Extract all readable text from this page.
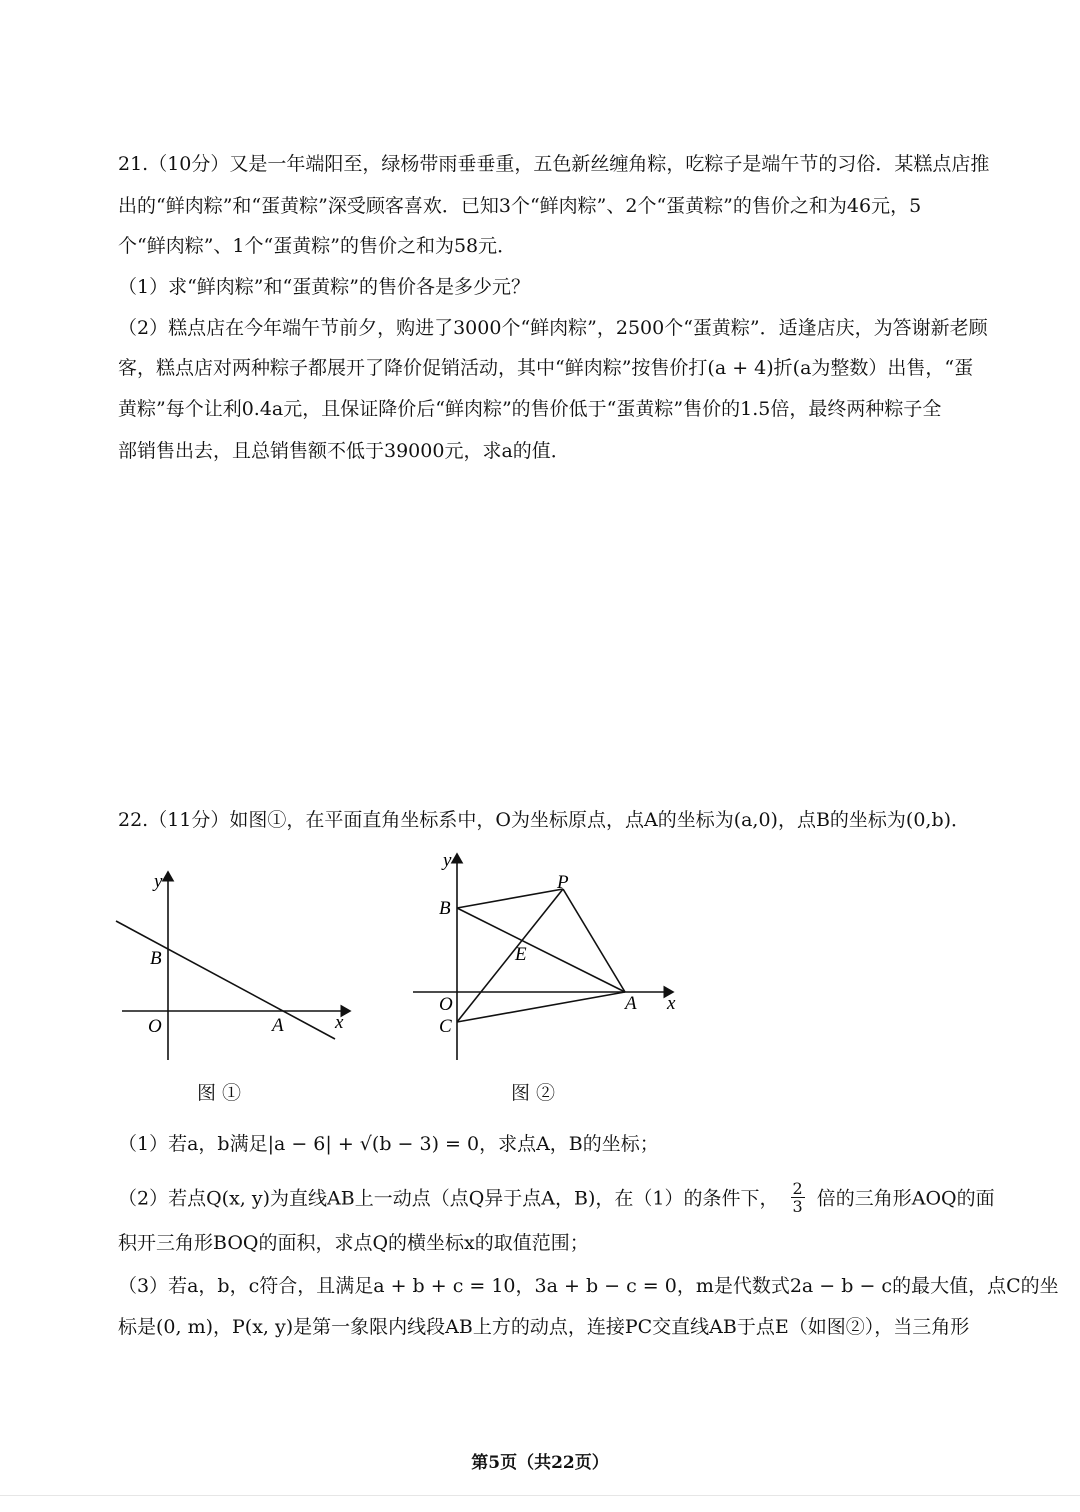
21.（10分）又是一年端阳至，绿杨带雨垂垂重，五色新丝缠角粽，吃粽子是端午节的习俗．某糕点店推
出的“鲜肉粽”和“蛋黄粽”深受顾客喜欢．已知3个“鲜肉粽”、2个“蛋黄粽”的售价之和为46元，5
个“鲜肉粽”、1个“蛋黄粽”的售价之和为58元．
（1）求“鲜肉粽”和“蛋黄粽”的售价各是多少元？
（2）糕点店在今年端午节前夕，购进了3000个“鲜肉粽”，2500个“蛋黄粽”．适逢店庆，为答谢新老顾
客，糕点店对两种粽子都展开了降价促销活动，其中“鲜肉粽”按售价打(a + 4)折(a为整数）出售，“蛋
黄粽”每个让利0.4a元，且保证降价后“鲜肉粽”的售价低于“蛋黄粽”售价的1.5倍，最终两种粽子全
部销售出去，且总销售额不低于39000元，求a的值．
22.（11分）如图①，在平面直角坐标系中，O为坐标原点，点A的坐标为(a,0)，点B的坐标为(0,b)．
y
x
O
B
A
图 ①
y
x
O
B
C
A
E
P
图 ②
（1）若a，b满足|a − 6| + √(b − 3) = 0，求点A，B的坐标；
（2）若点Q(x, y)为直线AB上一动点（点Q异于点A，B)，在（1）的条件下， $\frac{2}{3}$ 倍的三角形AOQ的面
积开三角形BOQ的面积，求点Q的横坐标x的取值范围；
（3）若a，b，c符合，且满足a + b + c = 10，3a + b − c = 0，m是代数式2a − b − c的最大值，点C的坐
标是(0, m)，P(x, y)是第一象限内线段AB上方的动点，连接PC交直线AB于点E（如图②），当三角形
第5页（共22页）
